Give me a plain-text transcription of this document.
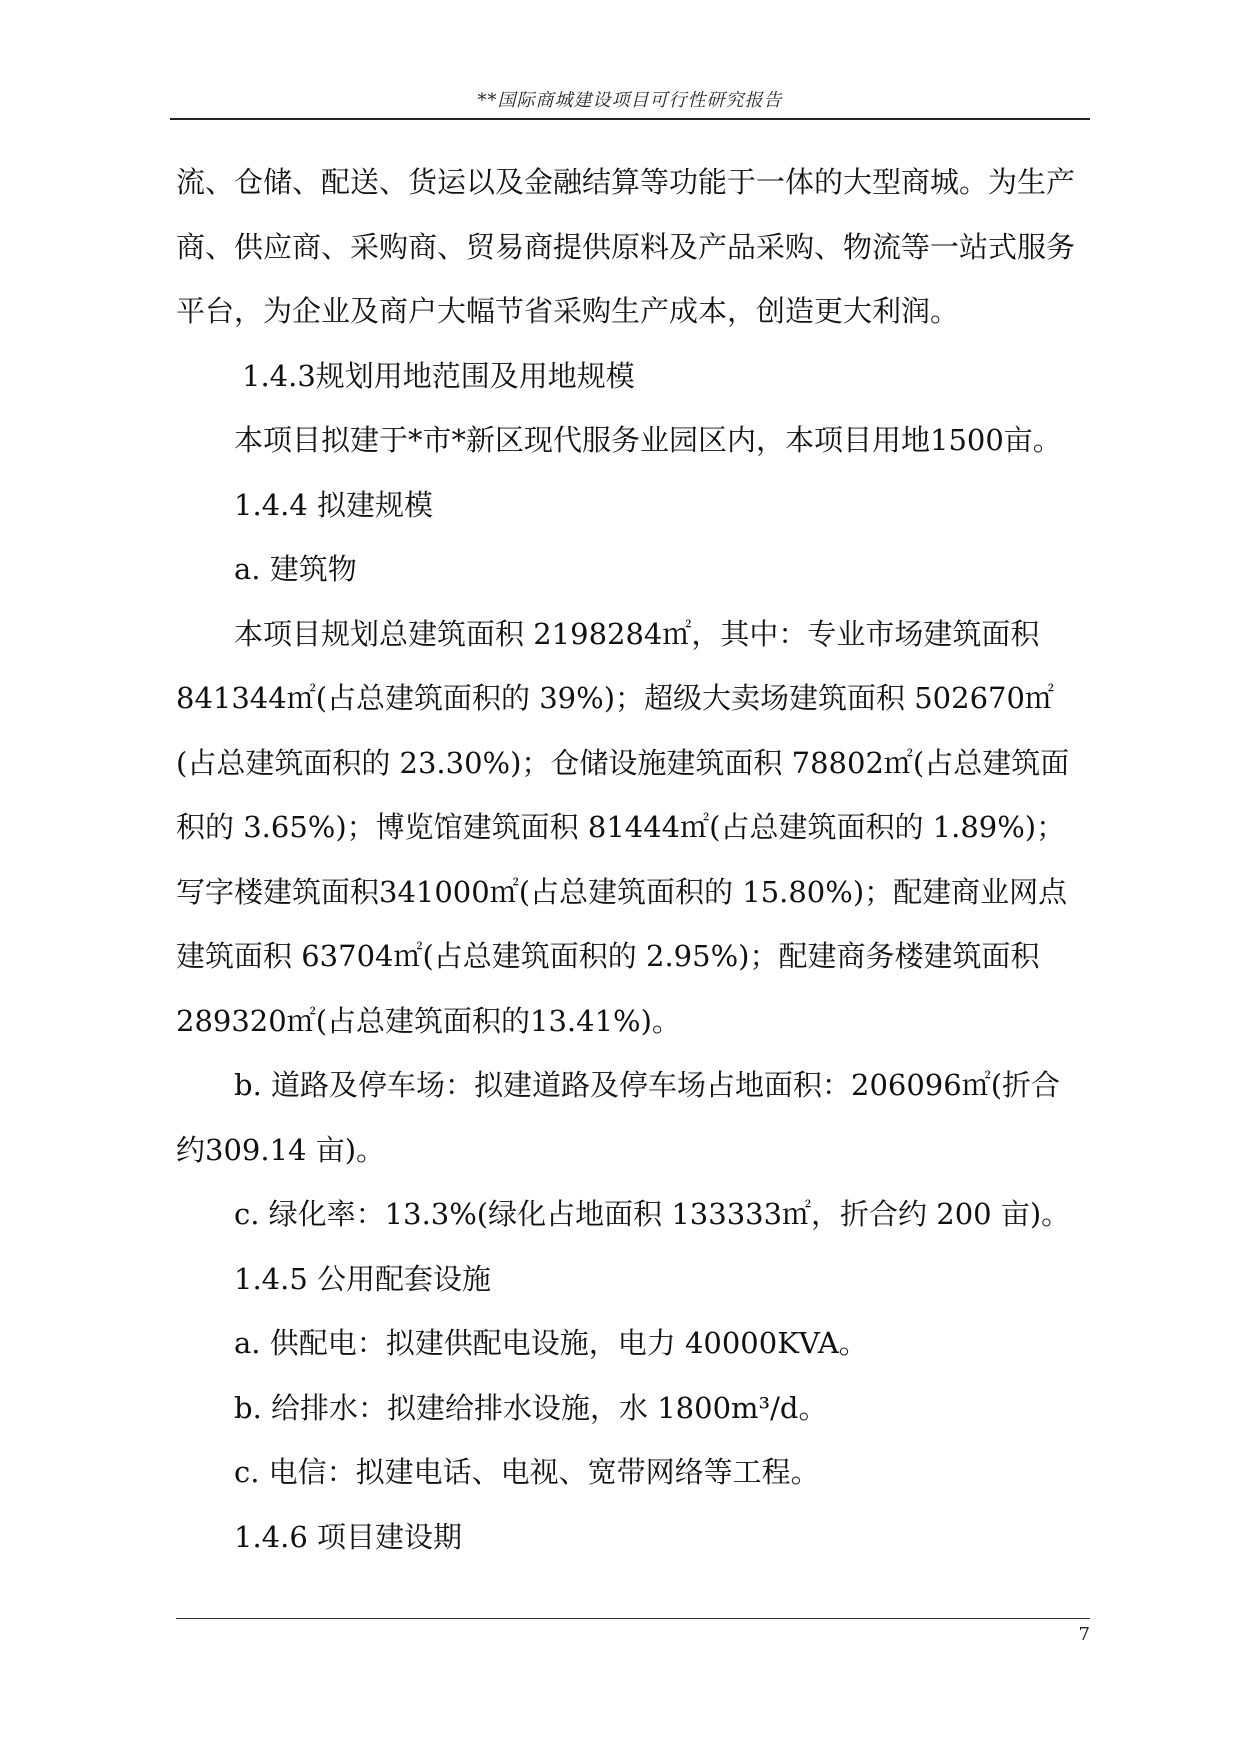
**国际商城建设项目可行性研究报告

流、仓储、配送、货运以及金融结算等功能于一体的大型商城。为生产商、供应商、采购商、贸易商提供原料及产品采购、物流等一站式服务平台，为企业及商户大幅节省采购生产成本，创造更大利润。

1.4.3规划用地范围及用地规模

本项目拟建于*市*新区现代服务业园区内，本项目用地1500亩。

1.4.4 拟建规模

a. 建筑物

本项目规划总建筑面积 2198284㎡，其中：专业市场建筑面积841344㎡(占总建筑面积的 39%)；超级大卖场建筑面积 502670㎡(占总建筑面积的 23.30%)；仓储设施建筑面积 78802㎡(占总建筑面积的 3.65%)；博览馆建筑面积 81444㎡(占总建筑面积的 1.89%)；写字楼建筑面积341000㎡(占总建筑面积的 15.80%)；配建商业网点建筑面积 63704㎡(占总建筑面积的 2.95%)；配建商务楼建筑面积 289320㎡(占总建筑面积的13.41%)。

b. 道路及停车场：拟建道路及停车场占地面积：206096㎡(折合约309.14 亩)。

c. 绿化率：13.3%(绿化占地面积 133333㎡，折合约 200 亩)。

1.4.5 公用配套设施

a. 供配电：拟建供配电设施，电力 40000KVA。

b. 给排水：拟建给排水设施，水 1800m³/d。

c. 电信：拟建电话、电视、宽带网络等工程。

1.4.6 项目建设期

7
